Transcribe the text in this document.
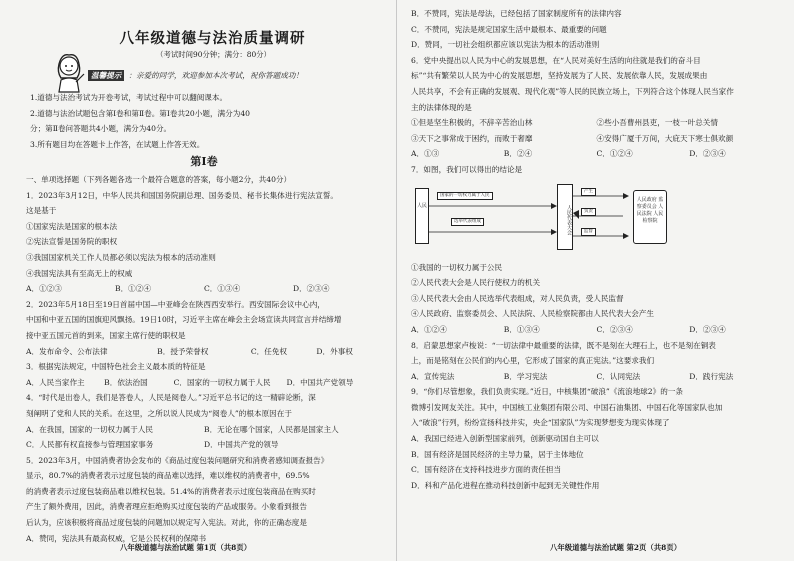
八年级道德与法治质量调研
（考试时间90分钟；满分：80分）
温馨提示 ：亲爱的同学，欢迎参加本次考试，祝你答题成功！
1.道德与法治考试为开卷考试，考试过程中可以翻阅课本。
2.道德与法治试题包含第Ⅰ卷和第Ⅱ卷。第Ⅰ卷共20小题，满分为40
分；第Ⅱ卷问答题共4小题，满分为40分。
3.所有题目均在答题卡上作答，在试题上作答无效。
第Ⅰ卷
一、单项选择题（下列各题各选一个最符合题意的答案，每小题2分，共40分）
1．2023年3月12日，中华人民共和国国务院副总理、国务委员、秘书长集体进行宪法宣誓。
这是基于
①国家宪法是国家的根本法
②宪法宣誓是国务院的职权
③我国国家机关工作人员都必须以宪法为根本的活动准则
④我国宪法具有至高无上的权威
A．①②③	B．①②④	C．①③④	D．②③④
2．2023年5月18日至19日首届中国—中亚峰会在陕西西安举行。西安国际会议中心内，
中国和中亚五国的国旗迎风飘扬。19日10时，习近平主席在峰会主会场宣读共同宣言并结缔增
接中亚五国元首的到来，国家主席行使的职权是
A．发布命令、公布法律	B．授予荣誉权	C．任免权	D．外事权
3．根据宪法规定，中国特色社会主义最本质的特征是
A．人民当家作主	B．依法治国	C．国家的一切权力属于人民	D．中国共产党领导
4．“时代是出卷人，我们是答卷人，人民是阅卷人。”习近平总书记的这一精辟论断，深
刻阐明了党和人民的关系。在这里，之所以说人民成为“阅卷人”的根本原因在于
A．在我国，国家的一切权力属于人民	B．无论在哪个国家，人民都是国家主人
C．人民都有权直接参与管理国家事务	D．中国共产党的领导
5．2023年3月，中国消费者协会发布的《商品过度包装问题研究和消费者感知调查报告》
显示，80.7%的消费者表示过度包装的商品难以选择，难以维权的消费者中，69.5%
的消费者表示过度包装商品难以维权包装。51.4%的消费者表示过度包装商品在购买时
产生了额外费用，因此，消费者理应拒绝购买过度包装的产品或服务。小象看到报告
后认为，应该积极将商品过度包装的问题加以规定写入宪法。对此，你的正确态度是
A．赞同，宪法具有最高权威，它是公民权利的保障书
八年级道德与法治试题 第1页（共8页）
B．不赞同，宪法是母法，已经包括了国家制度所有的法律内容
C．不赞同，宪法是规定国家生活中最根本、最重要的问题
D．赞同，一切社会组织都应该以宪法为根本的活动准则
6．党中央提出以人民为中心的发展思想，在“人民对美好生活的向往就是我们的奋斗目
标”“共有繁荣以人民为中心的发展思想，坚持发展为了人民、发展依靠人民，发展成果由
人民共享，不会有正确的发展观、现代化观”等人民的民族立场上，下列符合这个体现人民当家作
主的法律体现的是
①但是坚生积极的，不辞辛苦治山林	②些小吾曹州县吏，一枝一叶总关情
③天下之事常成于困约，而败于奢靡	④安得广厦千万间，大庇天下寒士俱欢颜
A．①③	B．②④	C．①②④	D．②③④
7．如图，我们可以得出的结论是
人民
国家的一切权力属于人民
选举代表组成	人民代表大会
产生
负责
监督
人民政府 监察委员会 人民法院 人民检察院
①我国的一切权力属于公民
②人民代表大会是人民行使权力的机关
③人民代表大会由人民选举代表组成，对人民负责，受人民监督
④人民政府、监察委员会、人民法院、人民检察院都由人民代表大会产生
A．①②④	B．①③④	C．②③④	D．②③④
8．启蒙思想家卢梭说：“一切法律中最重要的法律，既不是刻在大理石上，也不是刻在铜表
上，而是铭刻在公民们的内心里，它形成了国家的真正宪法。”这要求我们
A．宣传宪法	B．学习宪法	C．认同宪法	D．践行宪法
9．“你们尽管想象，我们负责实现。”近日，中核集团“破浪”《流浪地球2》的一条
微博引发网友关注。其中，中国核工业集团有限公司、中国石油集团、中国石化等国家队也加
入“破浪”行列，纷纷宣扬科技井实，央企“国家队”为实现梦想变为现实体现了
A．我国已经进入创新型国家前列，创新驱动国自主可以
B．国有经济是国民经济的主导力量，居于主体地位
C．国有经济在支持科技进步方面的责任担当
D．科和产品化进程在推动科技创新中起到无关键性作用
八年级道德与法治试题 第2页（共8页）
